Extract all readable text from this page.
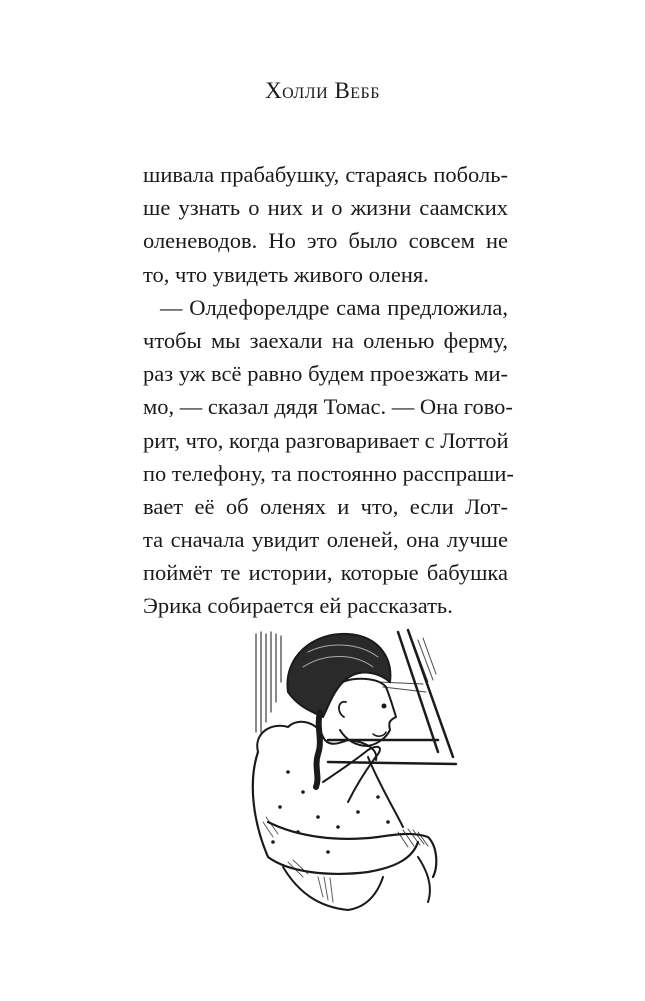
Холли Вебб
шивала прабабушку, стараясь поболь-
ше узнать о них и о жизни саамских
оленеводов. Но это было совсем не
то, что увидеть живого оленя.
— Олдефорелдре сама предложила,
чтобы мы заехали на оленью ферму,
раз уж всё равно будем проезжать ми-
мо, — сказал дядя Томас. — Она гово-
рит, что, когда разговаривает с Лоттой
по телефону, та постоянно расспраши-
вает её об оленях и что, если Лот-
та сначала увидит оленей, она лучше
поймёт те истории, которые бабушка
Эрика собирается ей рассказать.
